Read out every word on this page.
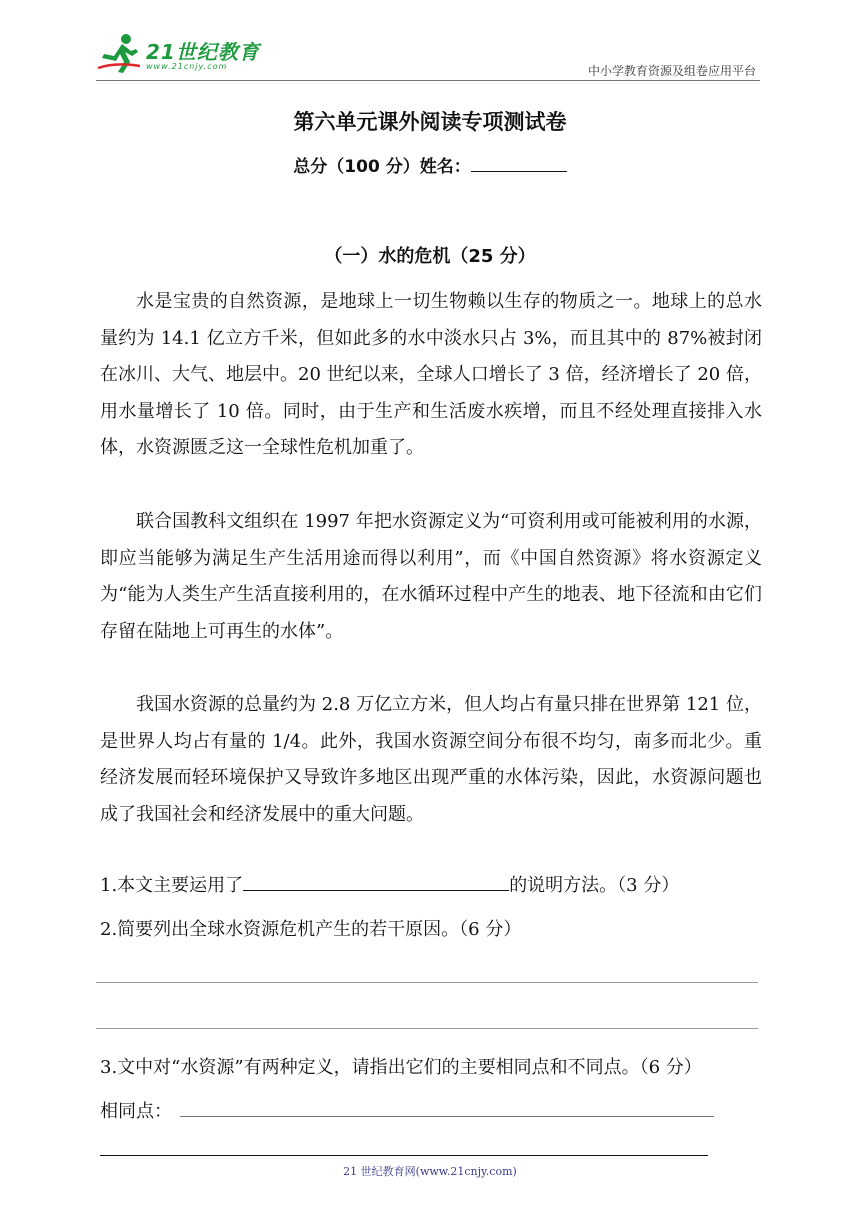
21世纪教育
www.21cnjy.com	中小学教育资源及组卷应用平台
第六单元课外阅读专项测试卷
总分（100 分）姓名：
（一）水的危机（25 分）

水是宝贵的自然资源，是地球上一切生物赖以生存的物质之一。地球上的总水量约为 14.1 亿立方千米，但如此多的水中淡水只占 3%，而且其中的 87%被封闭在冰川、大气、地层中。20 世纪以来，全球人口增长了 3 倍，经济增长了 20 倍，用水量增长了 10 倍。同时，由于生产和生活废水疾增，而且不经处理直接排入水体，水资源匮乏这一全球性危机加重了。

联合国教科文组织在 1997 年把水资源定义为“可资利用或可能被利用的水源，即应当能够为满足生产生活用途而得以利用”，而《中国自然资源》将水资源定义为“能为人类生产生活直接利用的，在水循环过程中产生的地表、地下径流和由它们存留在陆地上可再生的水体”。

我国水资源的总量约为 2.8 万亿立方米，但人均占有量只排在世界第 121 位，是世界人均占有量的 1/4。此外，我国水资源空间分布很不均匀，南多而北少。重经济发展而轻环境保护又导致许多地区出现严重的水体污染，因此，水资源问题也成了我国社会和经济发展中的重大问题。

1.本文主要运用了	的说明方法。（3 分）
2.简要列出全球水资源危机产生的若干原因。（6 分）
3.文中对“水资源”有两种定义，请指出它们的主要相同点和不同点。（6 分）
相同点：
21 世纪教育网(www.21cnjy.com)
